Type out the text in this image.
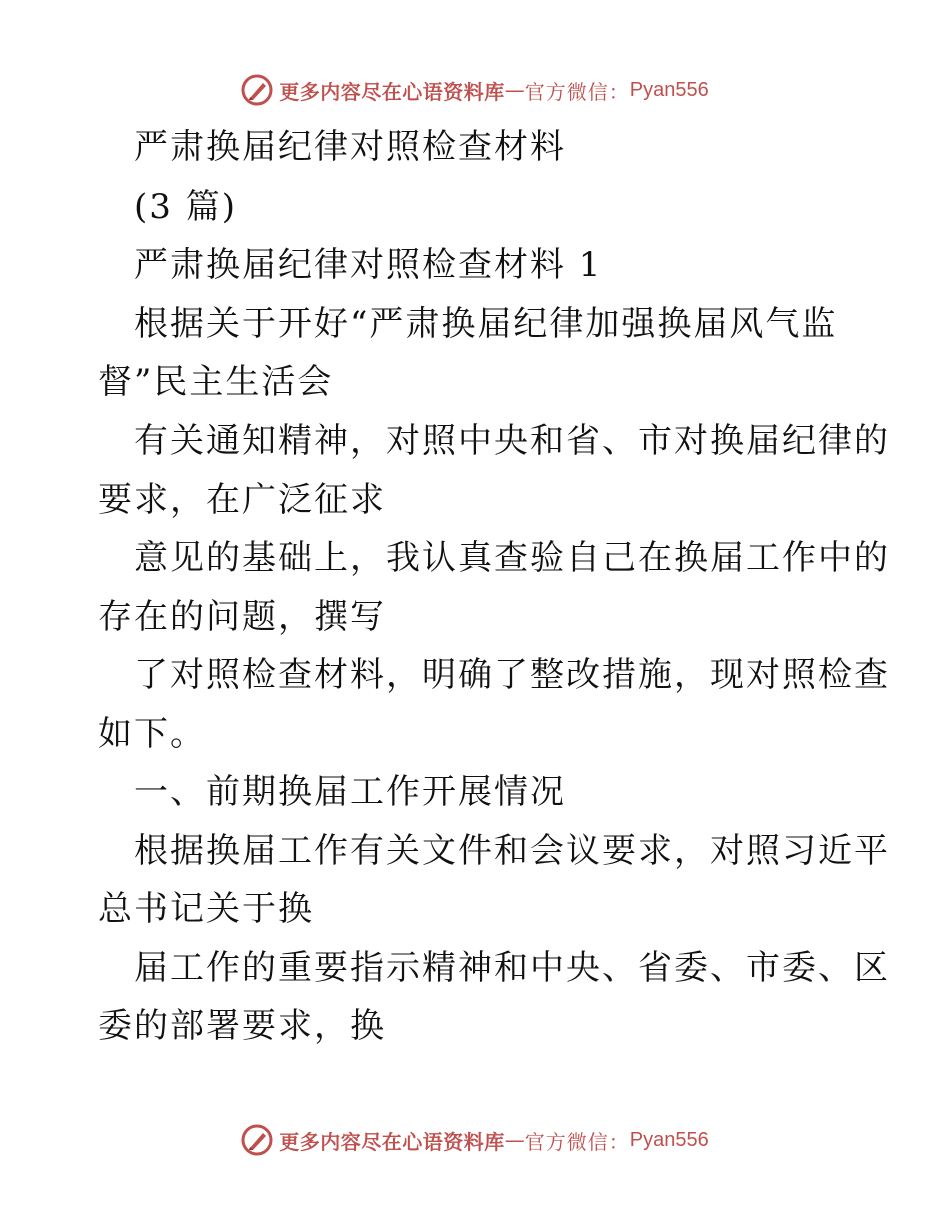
更多内容尽在心语资料库 — 官方微信： Pyan556
严肃换届纪律对照检查材料
(3 篇)
严肃换届纪律对照检查材料 1
根据关于开好“严肃换届纪律加强换届风气监
督”民主生活会
有关通知精神，对照中央和省、市对换届纪律的
要求，在广泛征求
意见的基础上，我认真查验自己在换届工作中的
存在的问题，撰写
了对照检查材料，明确了整改措施，现对照检查
如下。
一、前期换届工作开展情况
根据换届工作有关文件和会议要求，对照习近平
总书记关于换
届工作的重要指示精神和中央、省委、市委、区
委的部署要求，换
更多内容尽在心语资料库 — 官方微信： Pyan556
